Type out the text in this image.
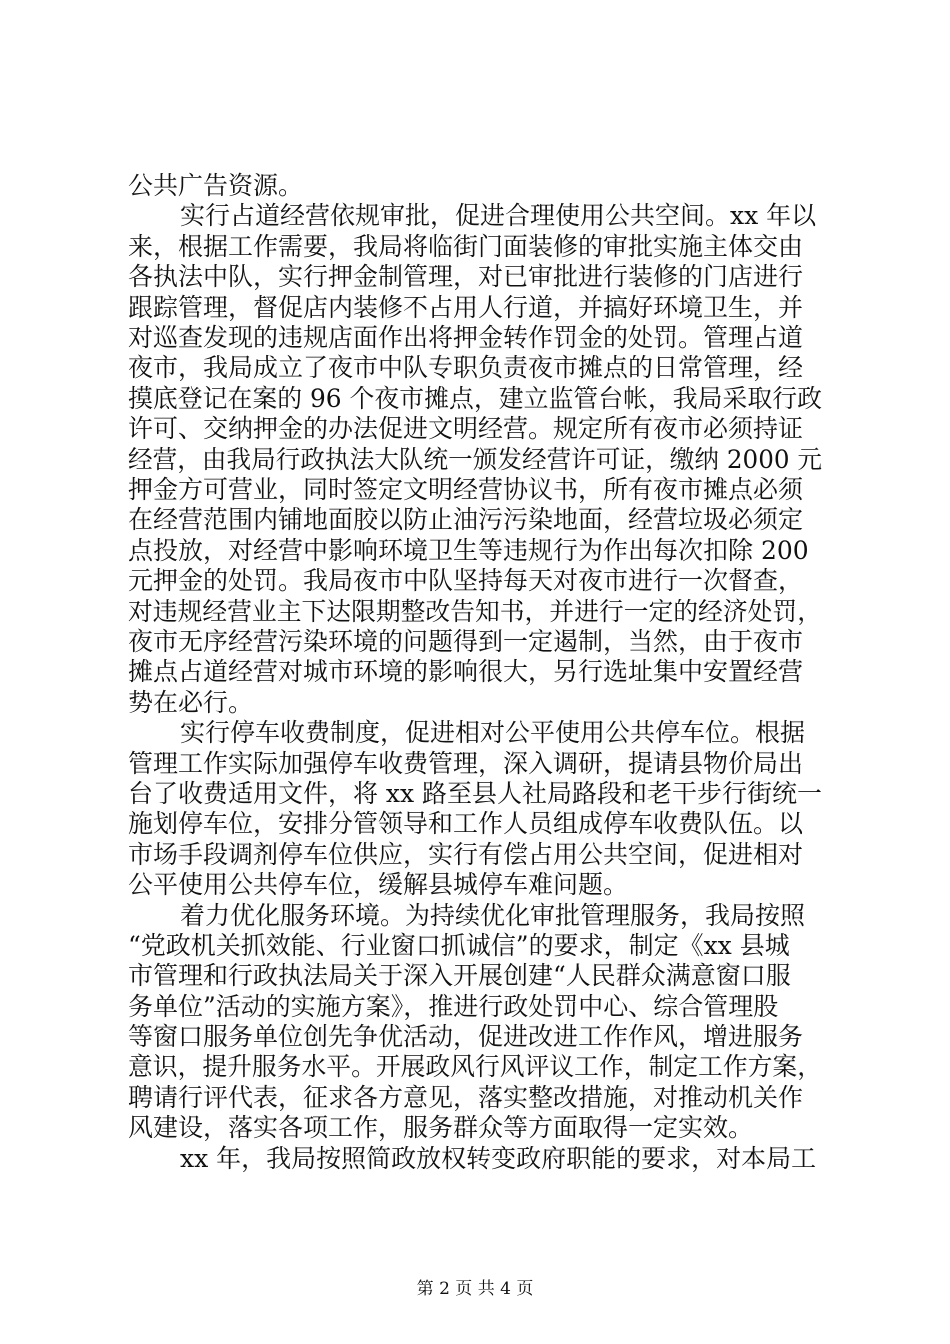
公共广告资源。

实行占道经营依规审批，促进合理使用公共空间。xx 年以

来，根据工作需要，我局将临街门面装修的审批实施主体交由

各执法中队，实行押金制管理，对已审批进行装修的门店进行

跟踪管理，督促店内装修不占用人行道，并搞好环境卫生，并

对巡查发现的违规店面作出将押金转作罚金的处罚。管理占道

夜市，我局成立了夜市中队专职负责夜市摊点的日常管理，经

摸底登记在案的 96 个夜市摊点，建立监管台帐，我局采取行政

许可、交纳押金的办法促进文明经营。规定所有夜市必须持证

经营，由我局行政执法大队统一颁发经营许可证，缴纳 2000 元

押金方可营业，同时签定文明经营协议书，所有夜市摊点必须

在经营范围内铺地面胶以防止油污污染地面，经营垃圾必须定

点投放，对经营中影响环境卫生等违规行为作出每次扣除 200

元押金的处罚。我局夜市中队坚持每天对夜市进行一次督查，

对违规经营业主下达限期整改告知书，并进行一定的经济处罚，

夜市无序经营污染环境的问题得到一定遏制，当然，由于夜市

摊点占道经营对城市环境的影响很大，另行选址集中安置经营

势在必行。

实行停车收费制度，促进相对公平使用公共停车位。根据

管理工作实际加强停车收费管理，深入调研，提请县物价局出

台了收费适用文件，将 xx 路至县人社局路段和老干步行街统一

施划停车位，安排分管领导和工作人员组成停车收费队伍。以

市场手段调剂停车位供应，实行有偿占用公共空间，促进相对

公平使用公共停车位，缓解县城停车难问题。

着力优化服务环境。为持续优化审批管理服务，我局按照

“党政机关抓效能、行业窗口抓诚信”的要求，制定《xx 县城

市管理和行政执法局关于深入开展创建“人民群众满意窗口服

务单位”活动的实施方案》，推进行政处罚中心、综合管理股

等窗口服务单位创先争优活动，促进改进工作作风，增进服务

意识，提升服务水平。开展政风行风评议工作，制定工作方案，

聘请行评代表，征求各方意见，落实整改措施，对推动机关作

风建设，落实各项工作，服务群众等方面取得一定实效。

xx 年，我局按照简政放权转变政府职能的要求，对本局工

第 2 页 共 4 页
